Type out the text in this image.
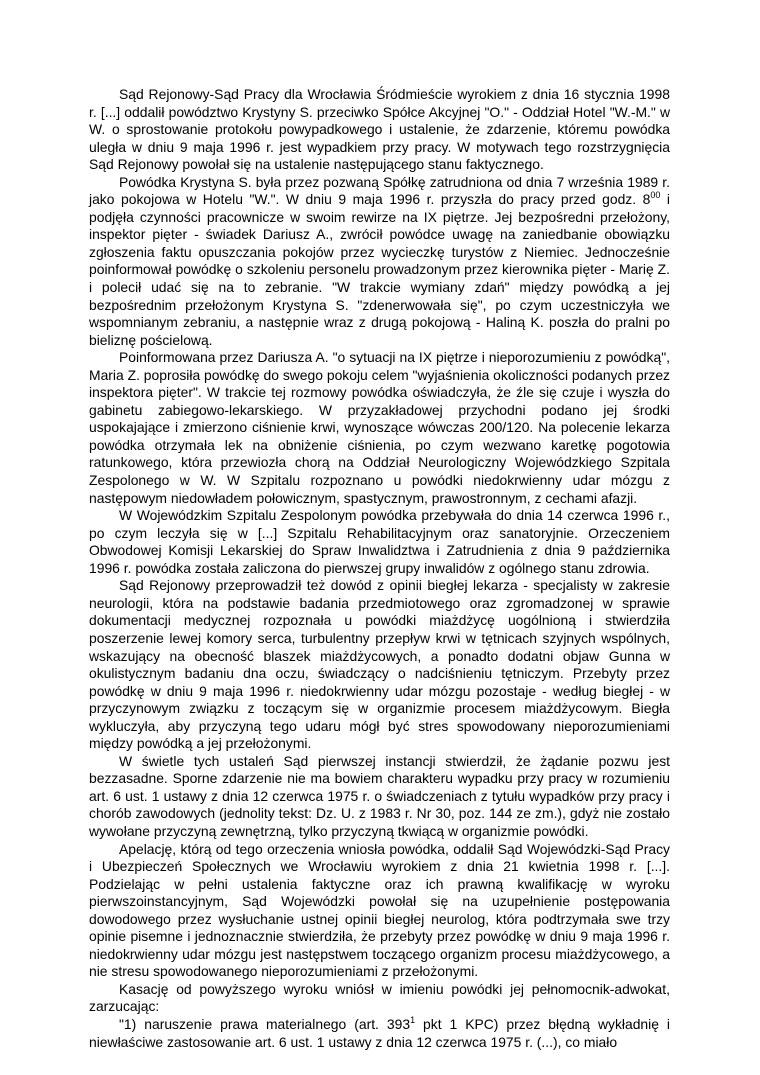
Sąd Rejonowy-Sąd Pracy dla Wrocławia Śródmieście wyrokiem z dnia 16 stycznia 1998 r. [...] oddalił powództwo Krystyny S. przeciwko Spółce Akcyjnej "O." - Oddział Hotel "W.-M." w W. o sprostowanie protokołu powypadkowego i ustalenie, że zdarzenie, któremu powódka uległa w dniu 9 maja 1996 r. jest wypadkiem przy pracy. W motywach tego rozstrzygnięcia Sąd Rejonowy powołał się na ustalenie następującego stanu faktycznego.

Powódka Krystyna S. była przez pozwaną Spółkę zatrudniona od dnia 7 września 1989 r. jako pokojowa w Hotelu "W.". W dniu 9 maja 1996 r. przyszła do pracy przed godz. $8^{00}$ i podjęła czynności pracownicze w swoim rewirze na IX piętrze. Jej bezpośredni przełożony, inspektor pięter - świadek Dariusz A., zwrócił powódce uwagę na zaniedbanie obowiązku zgłoszenia faktu opuszczania pokojów przez wycieczkę turystów z Niemiec. Jednocześnie poinformował powódkę o szkoleniu personelu prowadzonym przez kierownika pięter - Marię Z. i polecił udać się na to zebranie. "W trakcie wymiany zdań" między powódką a jej bezpośrednim przełożonym Krystyna S. "zdenerwowała się", po czym uczestniczyła we wspomnianym zebraniu, a następnie wraz z drugą pokojową - Haliną K. poszła do pralni po bieliznę pościelową.

Poinformowana przez Dariusza A. "o sytuacji na IX piętrze i nieporozumieniu z powódką", Maria Z. poprosiła powódkę do swego pokoju celem "wyjaśnienia okoliczności podanych przez inspektora pięter". W trakcie tej rozmowy powódka oświadczyła, że źle się czuje i wyszła do gabinetu zabiegowo-lekarskiego. W przyzakładowej przychodni podano jej środki uspokajające i zmierzono ciśnienie krwi, wynoszące wówczas 200/120. Na polecenie lekarza powódka otrzymała lek na obniżenie ciśnienia, po czym wezwano karetkę pogotowia ratunkowego, która przewiozła chorą na Oddział Neurologiczny Wojewódzkiego Szpitala Zespolonego w W. W Szpitalu rozpoznano u powódki niedokrwienny udar mózgu z następowym niedowładem połowicznym, spastycznym, prawostronnym, z cechami afazji.

W Wojewódzkim Szpitalu Zespolonym powódka przebywała do dnia 14 czerwca 1996 r., po czym leczyła się w [...] Szpitalu Rehabilitacyjnym oraz sanatoryjnie. Orzeczeniem Obwodowej Komisji Lekarskiej do Spraw Inwalidztwa i Zatrudnienia z dnia 9 października 1996 r. powódka została zaliczona do pierwszej grupy inwalidów z ogólnego stanu zdrowia.

Sąd Rejonowy przeprowadził też dowód z opinii biegłej lekarza - specjalisty w zakresie neurologii, która na podstawie badania przedmiotowego oraz zgromadzonej w sprawie dokumentacji medycznej rozpoznała u powódki miażdżycę uogólnioną i stwierdziła poszerzenie lewej komory serca, turbulentny przepływ krwi w tętnicach szyjnych wspólnych, wskazujący na obecność blaszek miażdżycowych, a ponadto dodatni objaw Gunna w okulistycznym badaniu dna oczu, świadczący o nadciśnieniu tętniczym. Przebyty przez powódkę w dniu 9 maja 1996 r. niedokrwienny udar mózgu pozostaje - według biegłej - w przyczynowym związku z toczącym się w organizmie procesem miażdżycowym. Biegła wykluczyła, aby przyczyną tego udaru mógł być stres spowodowany nieporozumieniami między powódką a jej przełożonymi.

W świetle tych ustaleń Sąd pierwszej instancji stwierdził, że żądanie pozwu jest bezzasadne. Sporne zdarzenie nie ma bowiem charakteru wypadku przy pracy w rozumieniu art. 6 ust. 1 ustawy z dnia 12 czerwca 1975 r. o świadczeniach z tytułu wypadków przy pracy i chorób zawodowych (jednolity tekst: Dz. U. z 1983 r. Nr 30, poz. 144 ze zm.), gdyż nie zostało wywołane przyczyną zewnętrzną, tylko przyczyną tkwiącą w organizmie powódki.

Apelację, którą od tego orzeczenia wniosła powódka, oddalił Sąd Wojewódzki-Sąd Pracy i Ubezpieczeń Społecznych we Wrocławiu wyrokiem z dnia 21 kwietnia 1998 r. [...]. Podzielając w pełni ustalenia faktyczne oraz ich prawną kwalifikację w wyroku pierwszoinstancyjnym, Sąd Wojewódzki powołał się na uzupełnienie postępowania dowodowego przez wysłuchanie ustnej opinii biegłej neurolog, która podtrzymała swe trzy opinie pisemne i jednoznacznie stwierdziła, że przebyty przez powódkę w dniu 9 maja 1996 r. niedokrwienny udar mózgu jest następstwem toczącego organizm procesu miażdżycowego, a nie stresu spowodowanego nieporozumieniami z przełożonymi.

Kasację od powyższego wyroku wniósł w imieniu powódki jej pełnomocnik-adwokat, zarzucając:

"1) naruszenie prawa materialnego (art. $393^1$ pkt 1 KPC) przez błędną wykładnię i niewłaściwe zastosowanie art. 6 ust. 1 ustawy z dnia 12 czerwca 1975 r. (...), co miało
